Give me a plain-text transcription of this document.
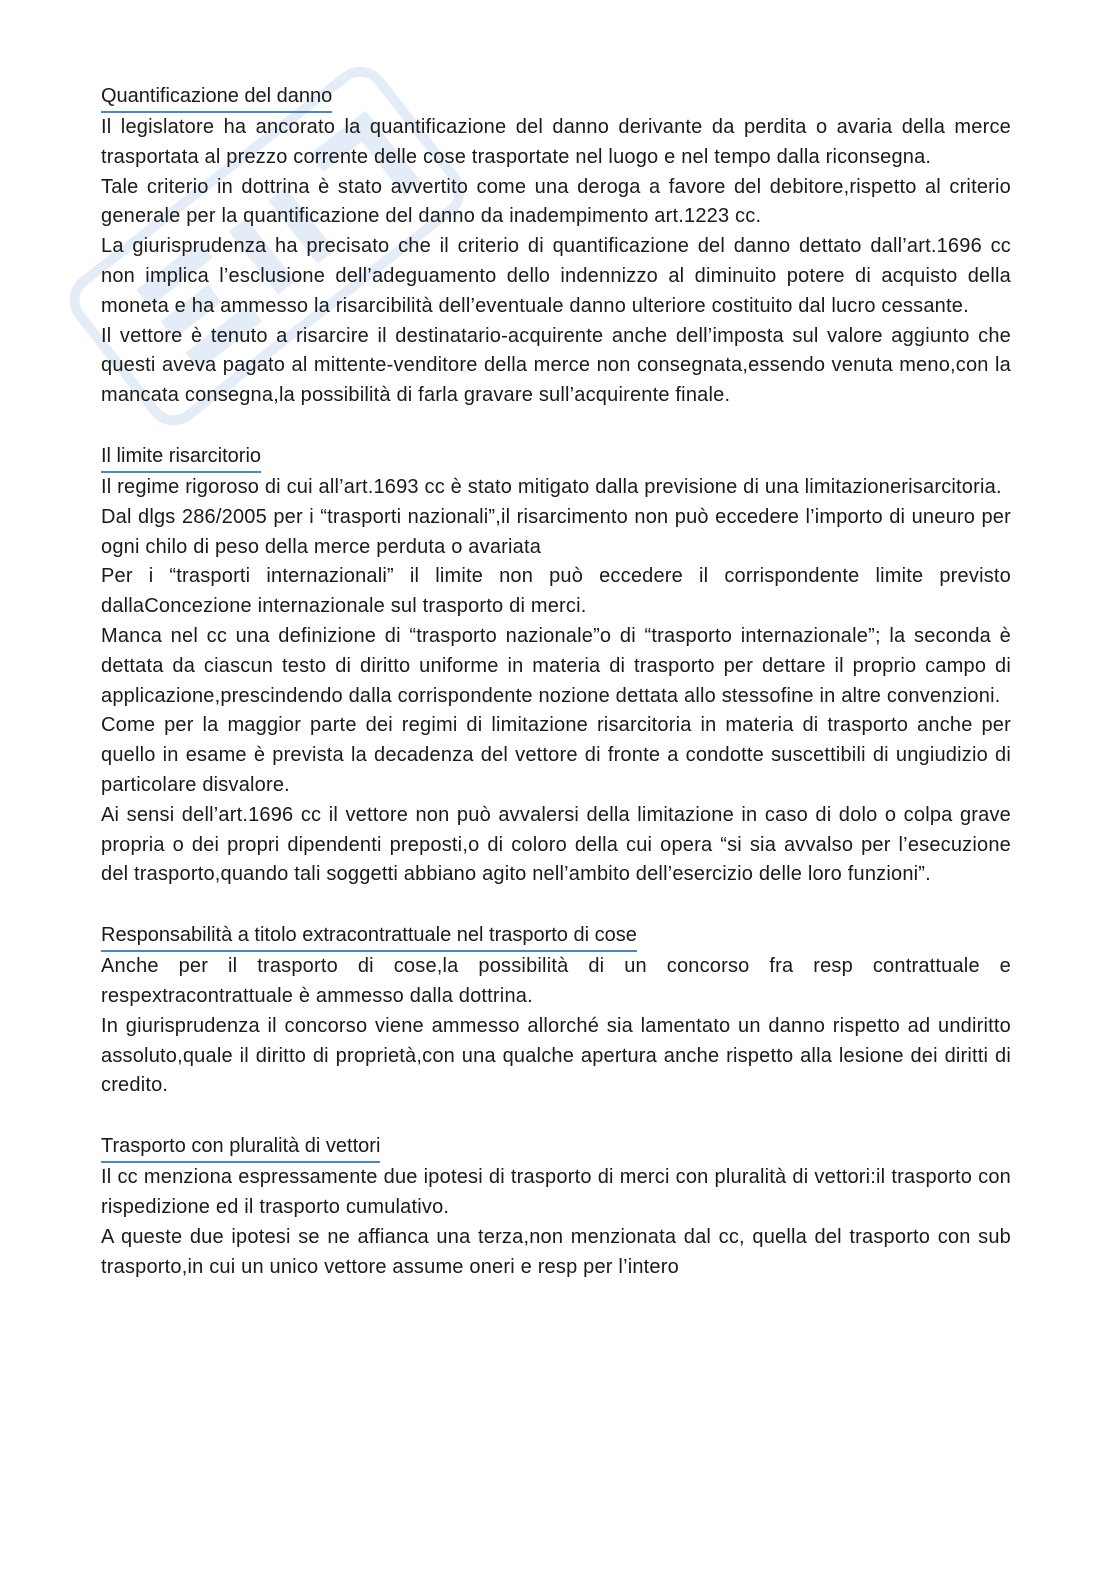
Quantificazione del danno

Il legislatore ha ancorato la quantificazione del danno derivante da perdita o avaria della merce trasportata al prezzo corrente delle cose trasportate nel luogo e nel tempo dalla riconsegna.

Tale criterio in dottrina è stato avvertito come una deroga a favore del debitore,rispetto al criterio generale per la quantificazione del danno da inadempimento art.1223 cc.

La giurisprudenza ha precisato che il criterio di quantificazione del danno dettato dall’art.1696 cc non implica l’esclusione dell’adeguamento dello indennizzo al diminuito potere di acquisto della moneta e ha ammesso la risarcibilità dell’eventuale danno ulteriore costituito dal lucro cessante.

Il vettore è tenuto a risarcire il destinatario-acquirente anche dell’imposta sul valore aggiunto che questi aveva pagato al mittente-venditore della merce non consegnata,essendo venuta meno,con la mancata consegna,la possibilità di farla gravare sull’acquirente finale.

Il limite risarcitorio

Il regime rigoroso di cui all’art.1693 cc è stato mitigato dalla previsione di una limitazionerisarcitoria.

Dal dlgs 286/2005 per i “trasporti nazionali”,il risarcimento non può eccedere l’importo di uneuro per ogni chilo di peso della merce perduta o avariata

Per i “trasporti internazionali” il limite non può eccedere il corrispondente limite previsto dallaConcezione internazionale sul trasporto di merci.

Manca nel cc una definizione di “trasporto nazionale”o di “trasporto internazionale”; la seconda è dettata da ciascun testo di diritto uniforme in materia di trasporto per dettare il proprio campo di applicazione,prescindendo dalla corrispondente nozione dettata allo stessofine in altre convenzioni.

Come per la maggior parte dei regimi di limitazione risarcitoria in materia di trasporto anche per quello in esame è prevista la decadenza del vettore di fronte a condotte suscettibili di ungiudizio di particolare disvalore.

Ai sensi dell’art.1696 cc il vettore non può avvalersi della limitazione in caso di dolo o colpa grave propria o dei propri dipendenti preposti,o di coloro della cui opera “si sia avvalso per l’esecuzione del trasporto,quando tali soggetti abbiano agito nell’ambito dell’esercizio delle loro funzioni”.

Responsabilità a titolo extracontrattuale nel trasporto di cose

Anche per il trasporto di cose,la possibilità di un concorso fra resp contrattuale e respextracontrattuale è ammesso dalla dottrina.

In giurisprudenza il concorso viene ammesso allorché sia lamentato un danno rispetto ad undiritto assoluto,quale il diritto di proprietà,con una qualche apertura anche rispetto alla lesione dei diritti di credito.

Trasporto con pluralità di vettori

Il cc menziona espressamente due ipotesi di trasporto di merci con pluralità di vettori:il trasporto con rispedizione ed il trasporto cumulativo.

A queste due ipotesi se ne affianca una terza,non menzionata dal cc, quella del trasporto con sub trasporto,in cui un unico vettore assume oneri e resp per l’intero
